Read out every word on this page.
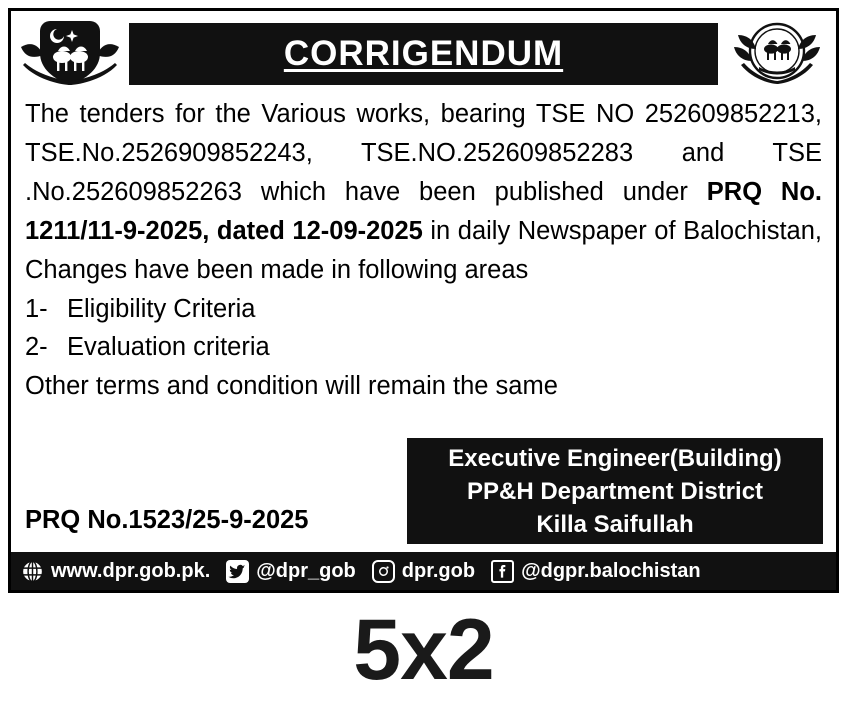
CORRIGENDUM

The tenders for the Various works, bearing TSE NO 252609852213, TSE.No.2526909852243, TSE.NO.252609852283 and TSE .No.252609852263 which have been published under PRQ No. 1211/11-9-2025, dated 12-09-2025 in daily Newspaper of Balochistan, Changes have been made in following areas

1- Eligibility Criteria
2- Evaluation criteria

Other terms and condition will remain the same

PRQ No.1523/25-9-2025
Executive Engineer(Building)
PP&H Department District
Killa Saifullah
www.dpr.gob.pk. @dpr_gob dpr.gob @dgpr.balochistan
5x2
